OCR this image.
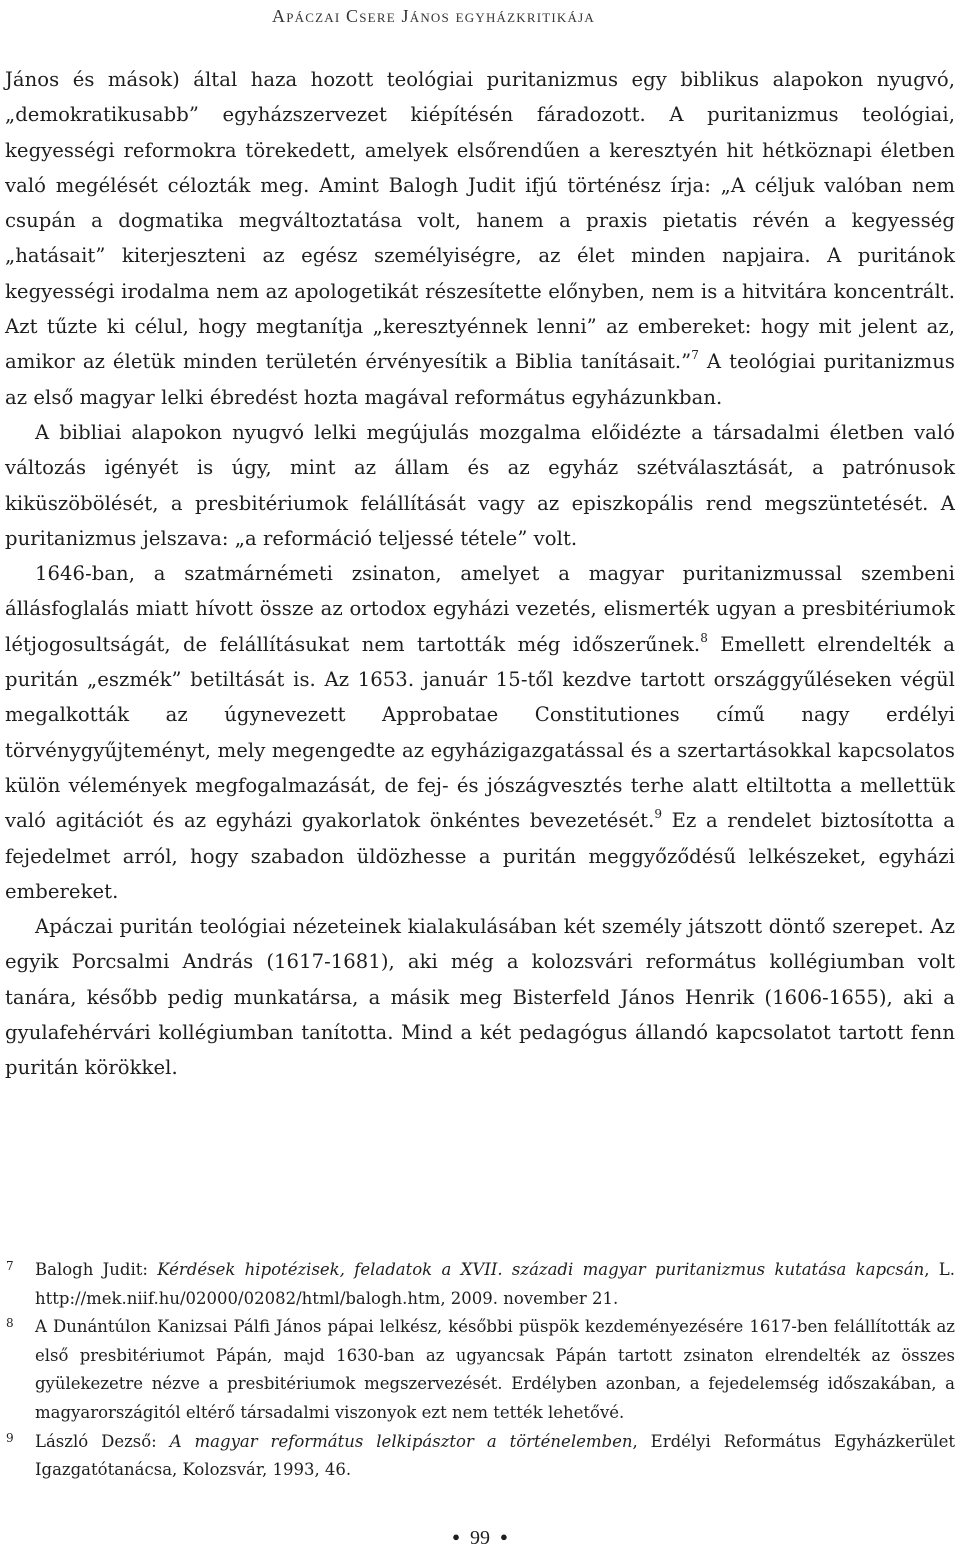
Apáczai Csere János egyházkritikája

János és mások) által haza hozott teológiai puritanizmus egy biblikus alapokon nyugvó, „demokratikusabb” egyházszervezet kiépítésén fáradozott. A puritanizmus teológiai, kegyességi reformokra törekedett, amelyek elsőrendűen a keresztyén hit hétköznapi életben való megélését célozták meg. Amint Balogh Judit ifjú történész írja: „A céljuk valóban nem csupán a dogmatika megváltoztatása volt, hanem a praxis pietatis révén a kegyesség „hatásait” kiterjeszteni az egész személyiségre, az élet minden napjaira. A puritánok kegyességi irodalma nem az apologetikát részesítette előnyben, nem is a hitvitára koncentrált. Azt tűzte ki célul, hogy megtanítja „keresztyénnek lenni” az embereket: hogy mit jelent az, amikor az életük minden területén érvényesítik a Biblia tanításait.”$^7$ A teológiai puritanizmus az első magyar lelki ébredést hozta magával református egyházunkban.

A bibliai alapokon nyugvó lelki megújulás mozgalma előidézte a társadalmi életben való változás igényét is úgy, mint az állam és az egyház szétválasztását, a patrónusok kiküszöbölését, a presbitériumok felállítását vagy az episzkopális rend megszüntetését. A puritanizmus jelszava: „a reformáció teljessé tétele” volt.

1646-ban, a szatmárnémeti zsinaton, amelyet a magyar puritanizmussal szembeni állásfoglalás miatt hívott össze az ortodox egyházi vezetés, elismerték ugyan a presbitériumok létjogosultságát, de felállításukat nem tartották még időszerűnek.$^8$ Emellett elrendelték a puritán „eszmék” betiltását is. Az 1653. január 15-től kezdve tartott országgyűléseken végül megalkották az úgynevezett Approbatae Constitutiones című nagy erdélyi törvénygyűjteményt, mely megengedte az egyházigazgatással és a szertartásokkal kapcsolatos külön vélemények megfogalmazását, de fej- és jószágvesztés terhe alatt eltiltotta a mellettük való agitációt és az egyházi gyakorlatok önkéntes bevezetését.$^9$ Ez a rendelet biztosította a fejedelmet arról, hogy szabadon üldözhesse a puritán meggyőződésű lelkészeket, egyházi embereket.

Apáczai puritán teológiai nézeteinek kialakulásában két személy játszott döntő szerepet. Az egyik Porcsalmi András (1617-1681), aki még a kolozsvári református kollégiumban volt tanára, később pedig munkatársa, a másik meg Bisterfeld János Henrik (1606-1655), aki a gyulafehérvári kollégiumban tanította. Mind a két pedagógus állandó kapcsolatot tartott fenn puritán körökkel.

7 Balogh Judit: Kérdések hipotézisek, feladatok a XVII. századi magyar puritanizmus kutatása kapcsán, L. http://mek.niif.hu/02000/02082/html/balogh.htm, 2009. november 21.
8 A Dunántúlon Kanizsai Pálfi János pápai lelkész, későbbi püspök kezdeményezésére 1617-ben felállították az első presbitériumot Pápán, majd 1630-ban az ugyancsak Pápán tartott zsinaton elrendelték az összes gyülekezetre nézve a presbitériumok megszervezését. Erdélyben azonban, a fejedelemség időszakában, a magyarországitól eltérő társadalmi viszonyok ezt nem tették lehetővé.
9 László Dezső: A magyar református lelkipásztor a történelemben, Erdélyi Református Egyházkerület Igazgatótanácsa, Kolozsvár, 1993, 46.
● 99 ●
